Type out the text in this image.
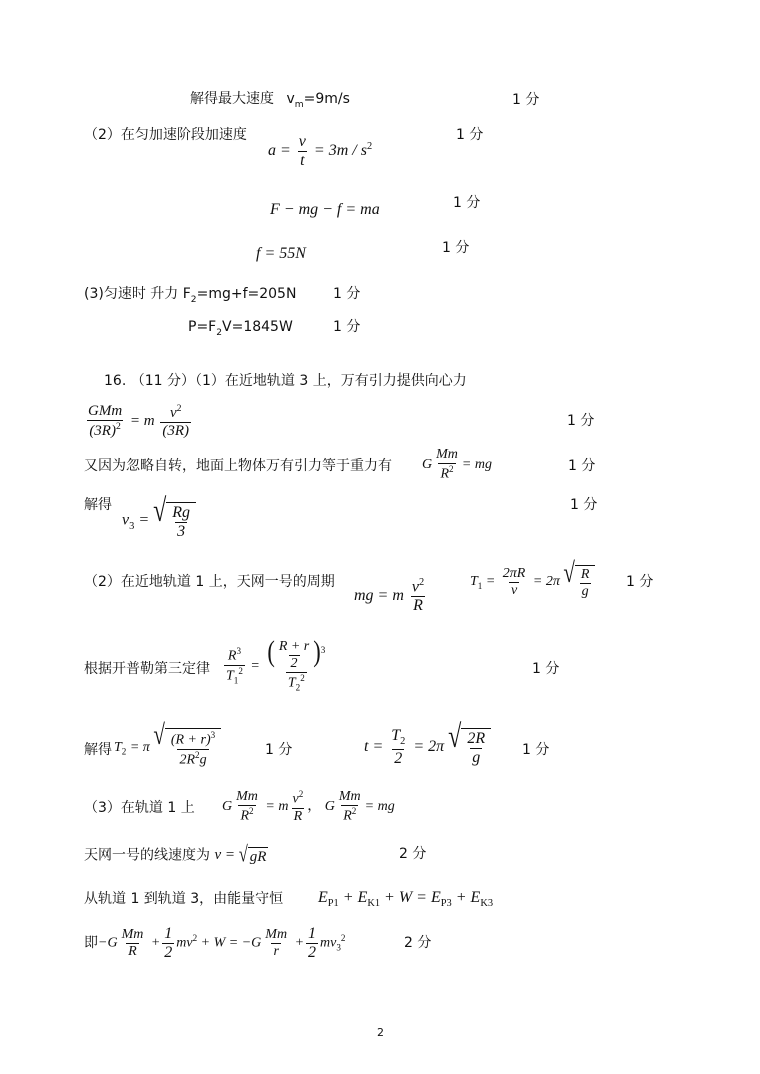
解得最大速度 $v_m=9m/s$	1 分
（2）在匀加速阶段加速度
$a = \frac{v}{t} = 3m / s^2$
1 分
F − mg − f = ma	1 分
f = 55N	1 分
(3)匀速时 升力 $F_2=mg+f=205N$	1 分
$P=F_2V=1845W$	1 分
16. （11 分）（1）在近地轨道 3 上，万有引力提供向心力
$\frac{\text{GMm}}{(3R)^2} = m \frac{v^2}{(3R)}$	1 分
又因为忽略自转，地面上物体万有引力等于重力有 G $\frac{Mm}{R^2}$ = mg	1 分
解得
$v_3$ = √ $\frac{Rg}{3}$	1 分
（2）在近地轨道 1 上，天网一号的周期
mg = m $\frac{v^2}{R}$	$T_1 = \frac{2\pi R}{v} = 2\pi$ √ $\frac{R}{g} 1$ 分
根据开普勒第三定律 $\frac{R^3}{T_1^2} = \frac{( \frac{R + r}{2} )^3}{T_2^2}$	1 分
解得 $T_2 = \pi$ √ $\frac{(R + r)^3}{2R^2g}$	1 分	$t = \frac{T_2}{2} = 2\pi$ √ $\frac{2R}{g} 1$ 分
（3）在轨道 1 上 G $\frac{Mm}{R^2} = m \frac{v^2}{R}$ ， G $\frac{Mm}{R^2}$ = mg
天网一号的线速度为 v = √ gR	2 分
从轨道 1 到轨道 3，由能量守恒 $E_{P1} + E_{K1} + W = E_{P3} + E_{K3}$
即 $-G \frac{Mm}{R} + \frac{1}{2} mv^2 + W = -G \frac{Mm}{r} + \frac{1}{2} mv_3^2$	2 分
2
